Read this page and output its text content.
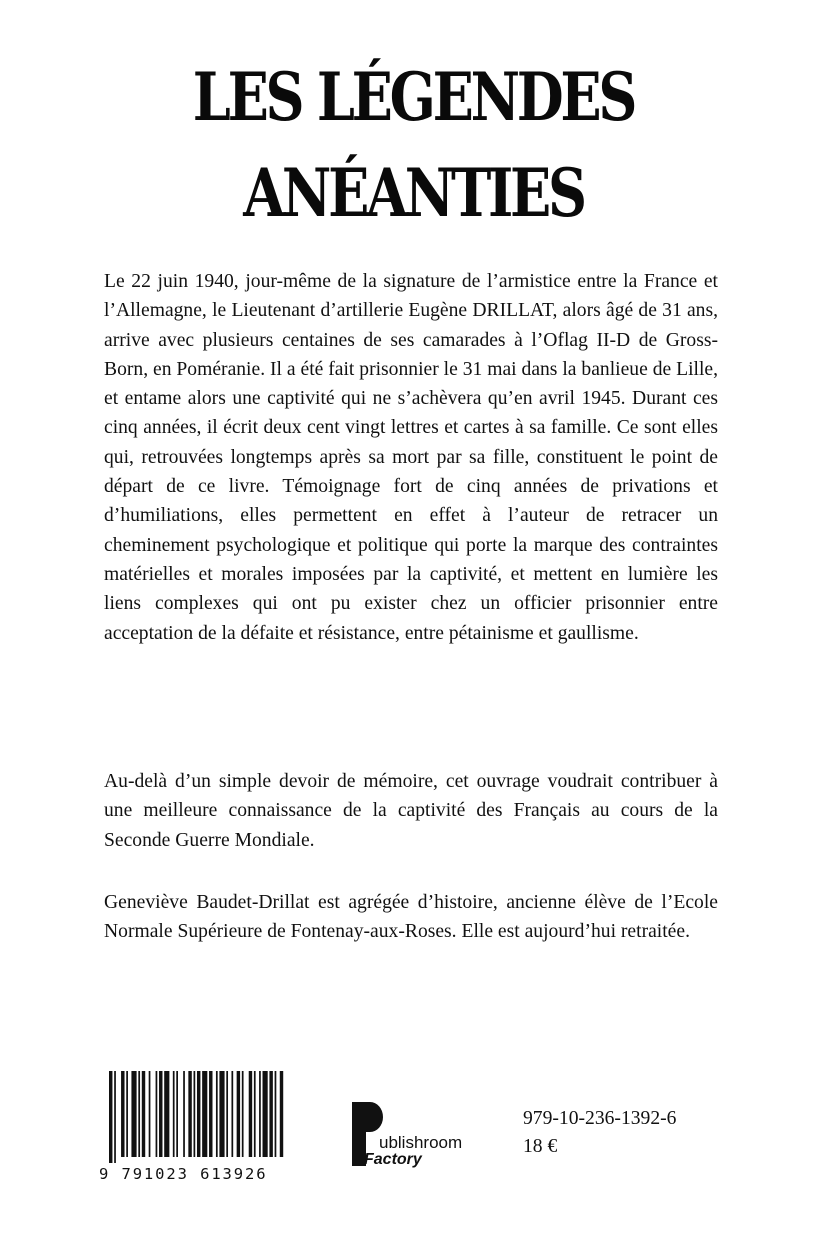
LES LÉGENDES
ANÉANTIES

Le 22 juin 1940, jour-même de la signature de l’armistice entre la France et l’Allemagne, le Lieutenant d’artillerie Eugène DRILLAT, alors âgé de 31 ans, arrive avec plusieurs centaines de ses camarades à l’Oflag II-D de Gross-Born, en Poméranie. Il a été fait prisonnier le 31 mai dans la banlieue de Lille, et entame alors une captivité qui ne s’achèvera qu’en avril 1945. Durant ces cinq années, il écrit deux cent vingt lettres et cartes à sa famille. Ce sont elles qui, retrouvées longtemps après sa mort par sa fille, constituent le point de départ de ce livre. Témoignage fort de cinq années de privations et d’humiliations, elles permettent en effet à l’auteur de retracer un cheminement psychologique et politique qui porte la marque des contraintes matérielles et morales imposées par la captivité, et mettent en lumière les liens complexes qui ont pu exister chez un officier prisonnier entre acceptation de la défaite et résistance, entre pétainisme et gaullisme.

Au-delà d’un simple devoir de mémoire, cet ouvrage voudrait contribuer à une meilleure connaissance de la captivité des Français au cours de la Seconde Guerre Mondiale.

Geneviève Baudet-Drillat est agrégée d’histoire, ancienne élève de l’Ecole Normale Supérieure de Fontenay-aux-Roses. Elle est aujourd’hui retraitée.

9 791023 613926
ublishroom
Factory
979-10-236-1392-6
18 €
